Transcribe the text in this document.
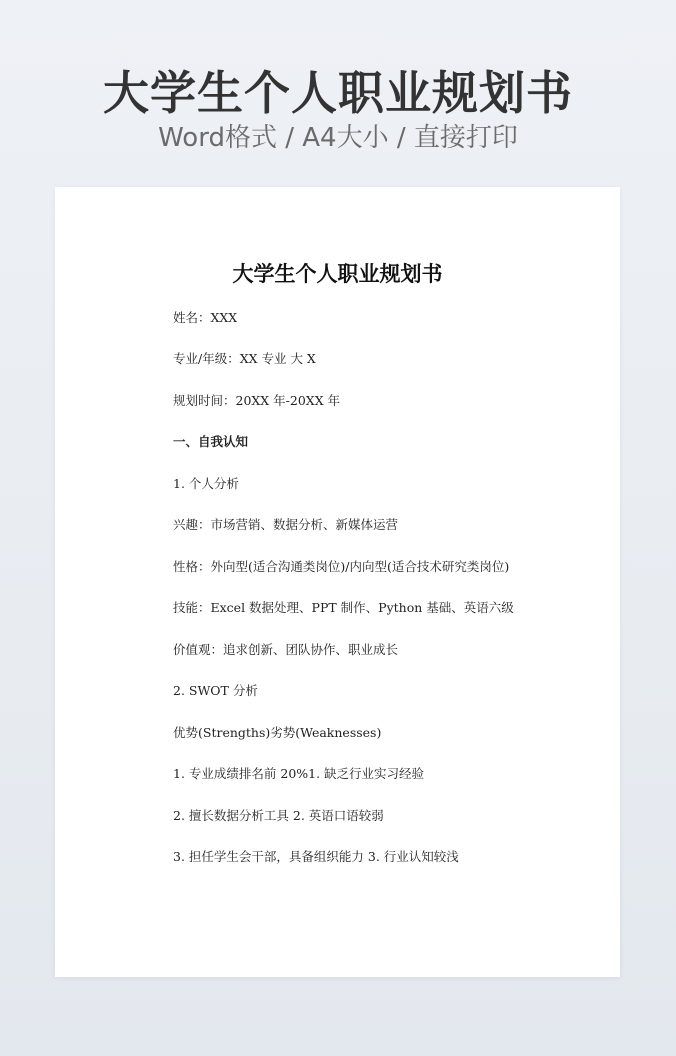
大学生个人职业规划书
Word格式 / A4大小 / 直接打印
大学生个人职业规划书
姓名：XXX
专业/年级：XX 专业 大 X
规划时间：20XX 年-20XX 年
一、自我认知
1. 个人分析
兴趣：市场营销、数据分析、新媒体运营
性格：外向型(适合沟通类岗位)/内向型(适合技术研究类岗位)
技能：Excel 数据处理、PPT 制作、Python 基础、英语六级
价值观：追求创新、团队协作、职业成长
2. SWOT 分析
优势(Strengths)劣势(Weaknesses)
1. 专业成绩排名前 20%1. 缺乏行业实习经验
2. 擅长数据分析工具 2. 英语口语较弱
3. 担任学生会干部，具备组织能力 3. 行业认知较浅
